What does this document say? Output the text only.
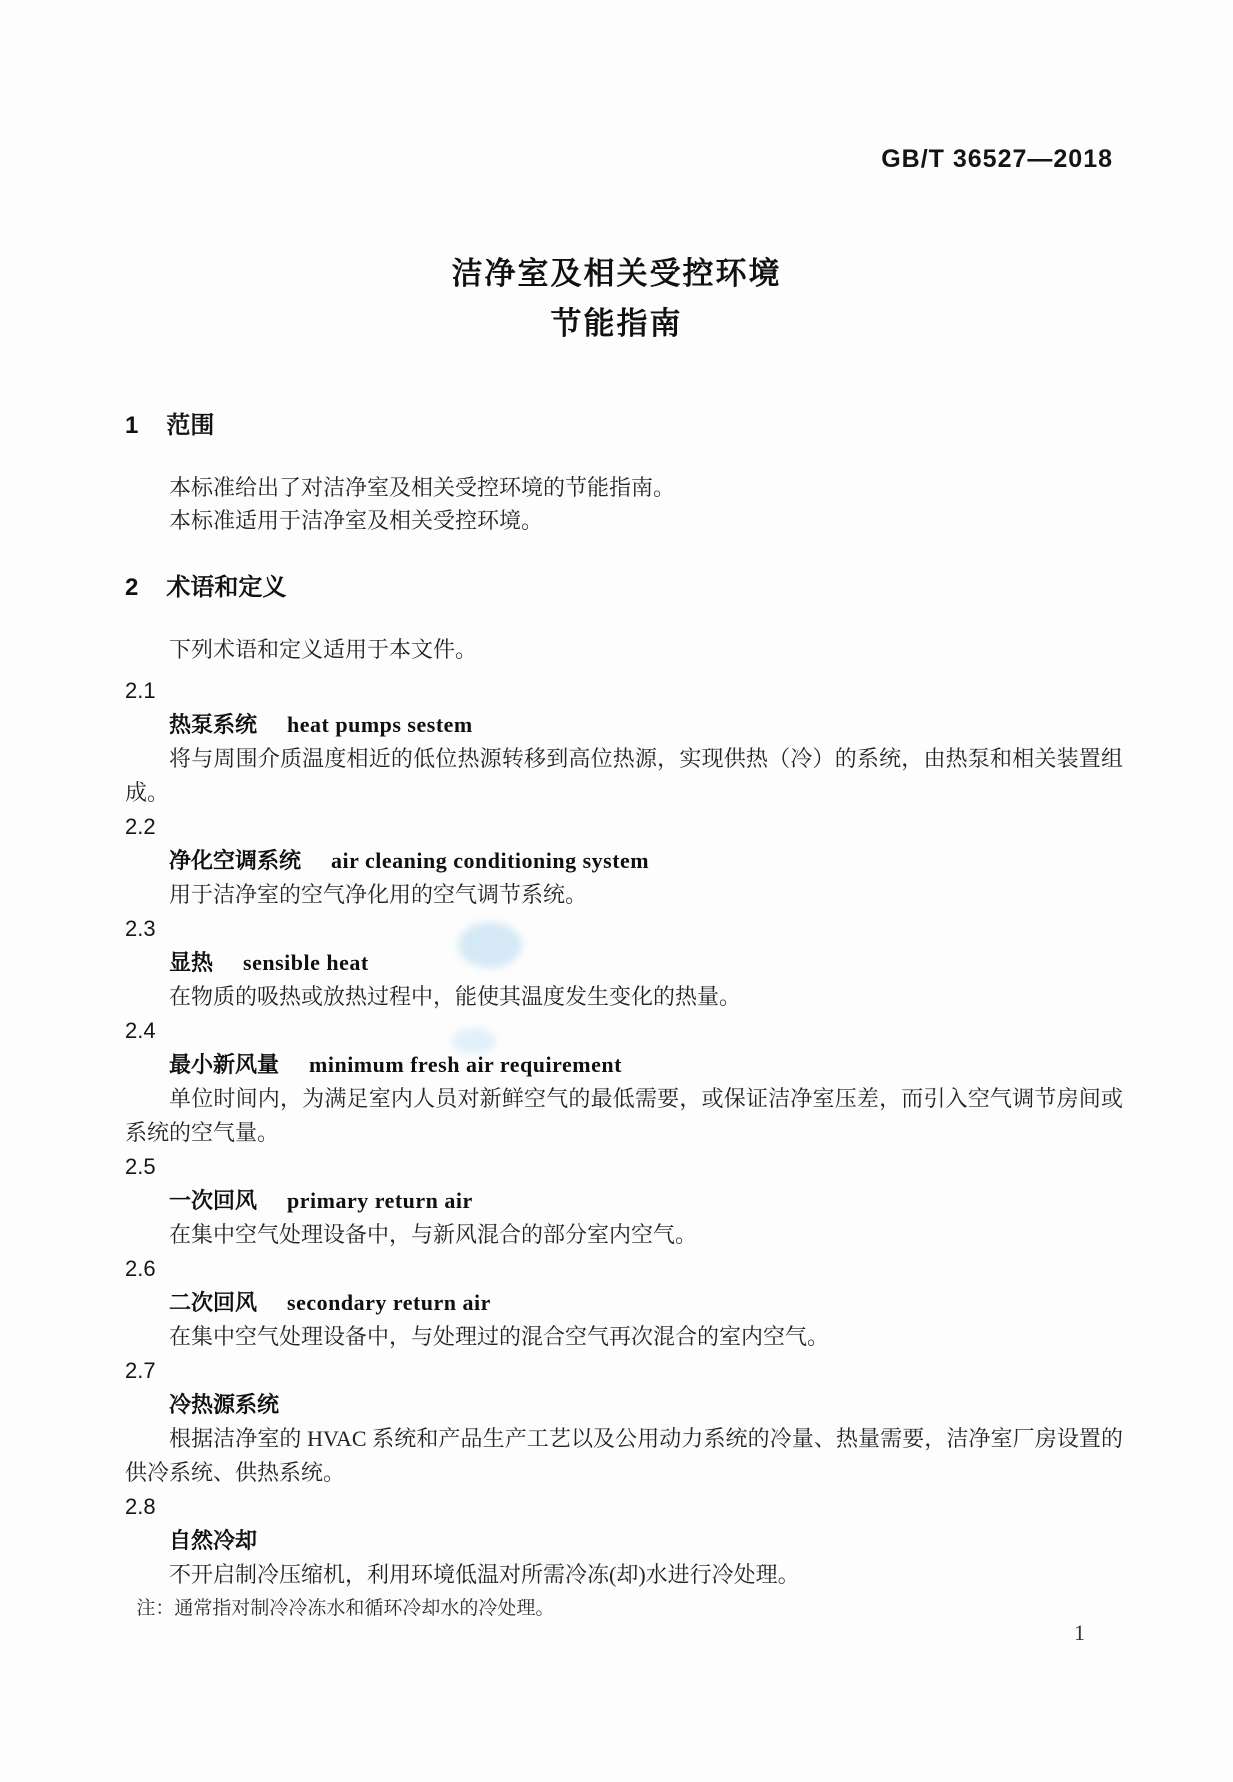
GB/T 36527—2018
洁净室及相关受控环境
节能指南
1 范围

本标准给出了对洁净室及相关受控环境的节能指南。

本标准适用于洁净室及相关受控环境。

2 术语和定义

下列术语和定义适用于本文件。

2.1
热泵系统 heat pumps sestem

将与周围介质温度相近的低位热源转移到高位热源，实现供热（冷）的系统，由热泵和相关装置组成。

2.2
净化空调系统 air cleaning conditioning system

用于洁净室的空气净化用的空气调节系统。

2.3
显热 sensible heat

在物质的吸热或放热过程中，能使其温度发生变化的热量。

2.4
最小新风量 minimum fresh air requirement

单位时间内，为满足室内人员对新鲜空气的最低需要，或保证洁净室压差，而引入空气调节房间或系统的空气量。

2.5
一次回风 primary return air

在集中空气处理设备中，与新风混合的部分室内空气。

2.6
二次回风 secondary return air

在集中空气处理设备中，与处理过的混合空气再次混合的室内空气。

2.7
冷热源系统

根据洁净室的 HVAC 系统和产品生产工艺以及公用动力系统的冷量、热量需要，洁净室厂房设置的供冷系统、供热系统。

2.8
自然冷却

不开启制冷压缩机，利用环境低温对所需冷冻(却)水进行冷处理。

注：通常指对制冷冷冻水和循环冷却水的冷处理。

1
